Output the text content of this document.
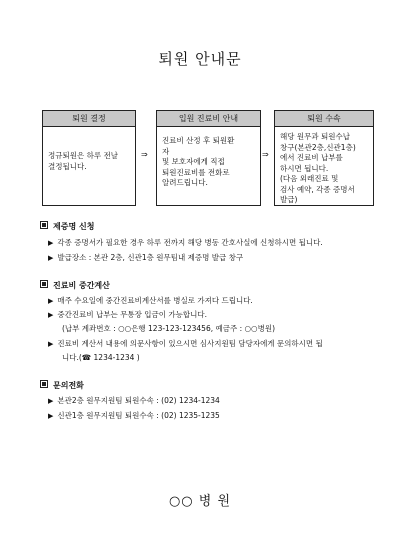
퇴원 안내문
퇴원 결정
정규퇴원은 하루 전날
결정됩니다.
⇒
입원 진료비 안내
진료비 산정 후 퇴원환
자
및 보호자에게 직접
퇴원진료비를 전화로
알려드립니다.
⇒
퇴원 수속
해당 원무과 퇴원수납
창구(본관2층,신관1층)
에서 진료비 납부를
하시면 됩니다.
(다음 외래진료 및
검사 예약, 각종 증명서
발급)
제증명 신청
▶ 각종 증명서가 필요한 경우 하루 전까지 해당 병동 간호사실에 신청하시면 됩니다.
▶ 발급장소 : 본관 2층, 신관1층 원무팀내 제증명 발급 창구
진료비 중간계산
▶ 매주 수요일에 중간진료비계산서를 병실로 가져다 드립니다.
▶ 중간진료비 납부는 무통장 입금이 가능합니다.
(납부 계좌번호 : ○○은행 123-123-123456, 예금주 : ○○병원)
▶ 진료비 계산서 내용에 의문사항이 있으시면 심사지원팀 담당자에게 문의하시면 됩
니다.(☎ 1234-1234 )
문의전화
▶ 본관2층 원무지원팀 퇴원수속 : (02) 1234-1234
▶ 신관1층 원무지원팀 퇴원수속 : (02) 1235-1235
○○ 병 원
